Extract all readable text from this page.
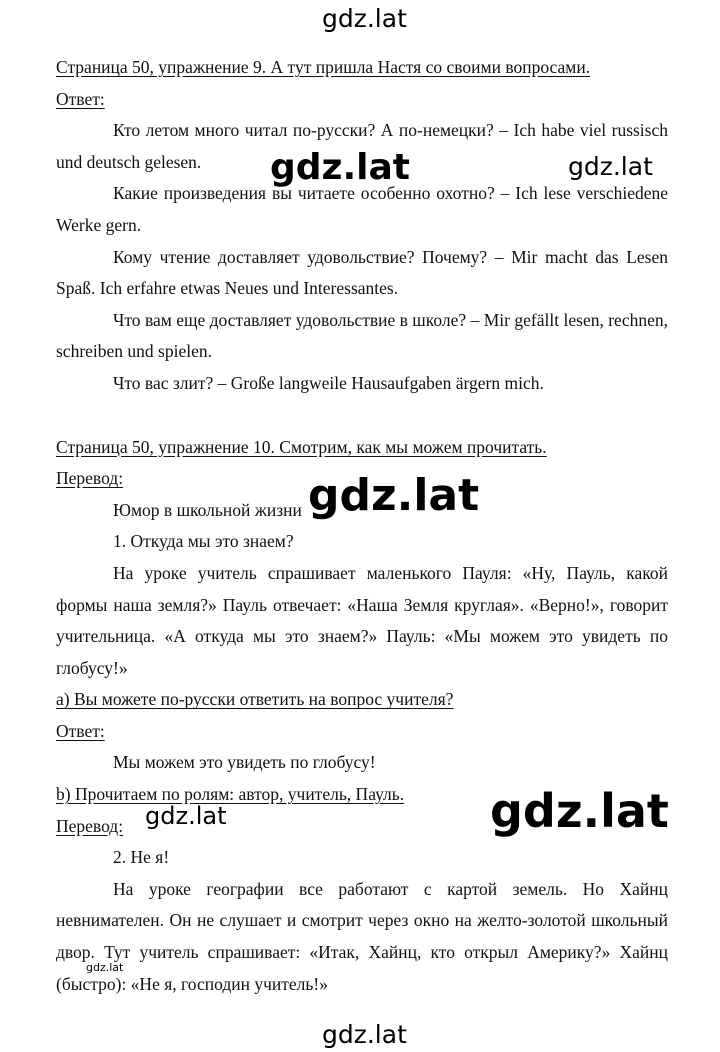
gdz.lat
gdz.lat	gdz.lat
gdz.lat
gdz.lat
gdz.lat
gdz.lat
gdz.lat

Страница 50, упражнение 9. А тут пришла Настя со своими вопросами.

Ответ:

Кто летом много читал по-русски? А по-немецки? – Ich habe viel russisch und deutsch gelesen.

Какие произведения вы читаете особенно охотно? – Ich lese verschiedene Werke gern.

Кому чтение доставляет удовольствие? Почему? – Mir macht das Lesen Spaß. Ich erfahre etwas Neues und Interessantes.

Что вам еще доставляет удовольствие в школе? – Mir gefällt lesen, rechnen, schreiben und spielen.

Что вас злит? – Große langweile Hausaufgaben ärgern mich.

Страница 50, упражнение 10. Смотрим, как мы можем прочитать.

Перевод:

Юмор в школьной жизни

1. Откуда мы это знаем?

На уроке учитель спрашивает маленького Пауля: «Ну, Пауль, какой формы наша земля?» Пауль отвечает: «Наша Земля круглая». «Верно!», говорит учительница. «А откуда мы это знаем?» Пауль: «Мы можем это увидеть по глобусу!»

a) Вы можете по-русски ответить на вопрос учителя?

Ответ:

Мы можем это увидеть по глобусу!

b) Прочитаем по ролям: автор, учитель, Пауль.

Перевод:

2. Не я!

На уроке географии все работают с картой земель. Но Хайнц невнимателен. Он не слушает и смотрит через окно на желто-золотой школьный двор. Тут учитель спрашивает: «Итак, Хайнц, кто открыл Америку?» Хайнц (быстро): «Не я, господин учитель!»
